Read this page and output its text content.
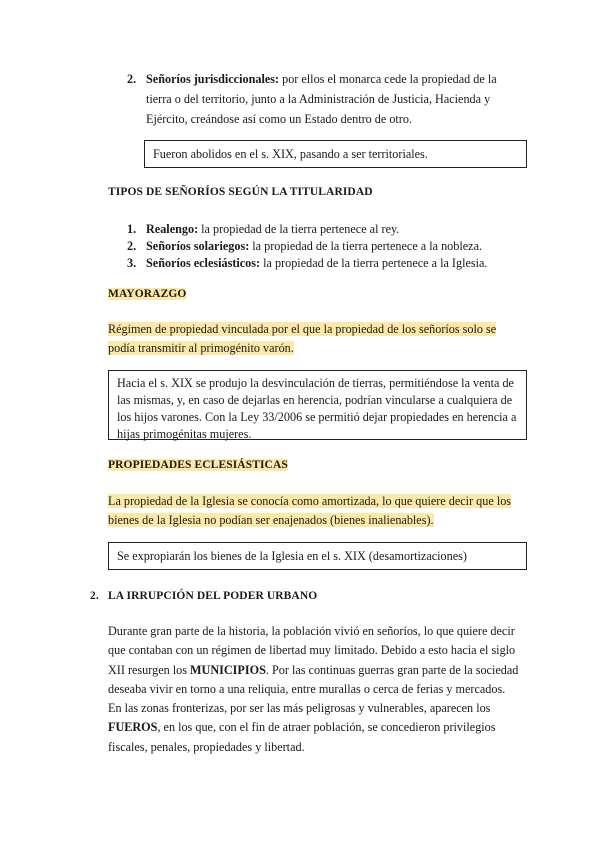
2. Señoríos jurisdiccionales: por ellos el monarca cede la propiedad de la
tierra o del territorio, junto a la Administración de Justicia, Hacienda y
Ejército, creándose así como un Estado dentro de otro.
Fueron abolidos en el s. XIX, pasando a ser territoriales.
TIPOS DE SEÑORÍOS SEGÚN LA TITULARIDAD
1. Realengo: la propiedad de la tierra pertenece al rey.
2. Señoríos solariegos: la propiedad de la tierra pertenece a la nobleza.
3. Señoríos eclesiásticos: la propiedad de la tierra pertenece a la Iglesia.
MAYORAZGO
Régimen de propiedad vinculada por el que la propiedad de los señoríos solo se
podía transmitir al primogénito varón.
Hacia el s. XIX se produjo la desvinculación de tierras, permitiéndose la venta de
las mismas, y, en caso de dejarlas en herencia, podrían vincularse a cualquiera de
los hijos varones. Con la Ley 33/2006 se permitió dejar propiedades en herencia a
hijas primogénitas mujeres.
PROPIEDADES ECLESIÁSTICAS
La propiedad de la Iglesia se conocía como amortizada, lo que quiere decir que los
bienes de la Iglesia no podían ser enajenados (bienes inalienables).
Se expropiarán los bienes de la Iglesia en el s. XIX (desamortizaciones)
2. LA IRRUPCIÓN DEL PODER URBANO
Durante gran parte de la historia, la población vivió en señoríos, lo que quiere decir
que contaban con un régimen de libertad muy limitado. Debido a esto hacia el siglo
XII resurgen los MUNICIPIOS. Por las continuas guerras gran parte de la sociedad
deseaba vivir en torno a una reliquia, entre murallas o cerca de ferias y mercados.
En las zonas fronterizas, por ser las más peligrosas y vulnerables, aparecen los
FUEROS, en los que, con el fin de atraer población, se concedieron privilegios
fiscales, penales, propiedades y libertad.
